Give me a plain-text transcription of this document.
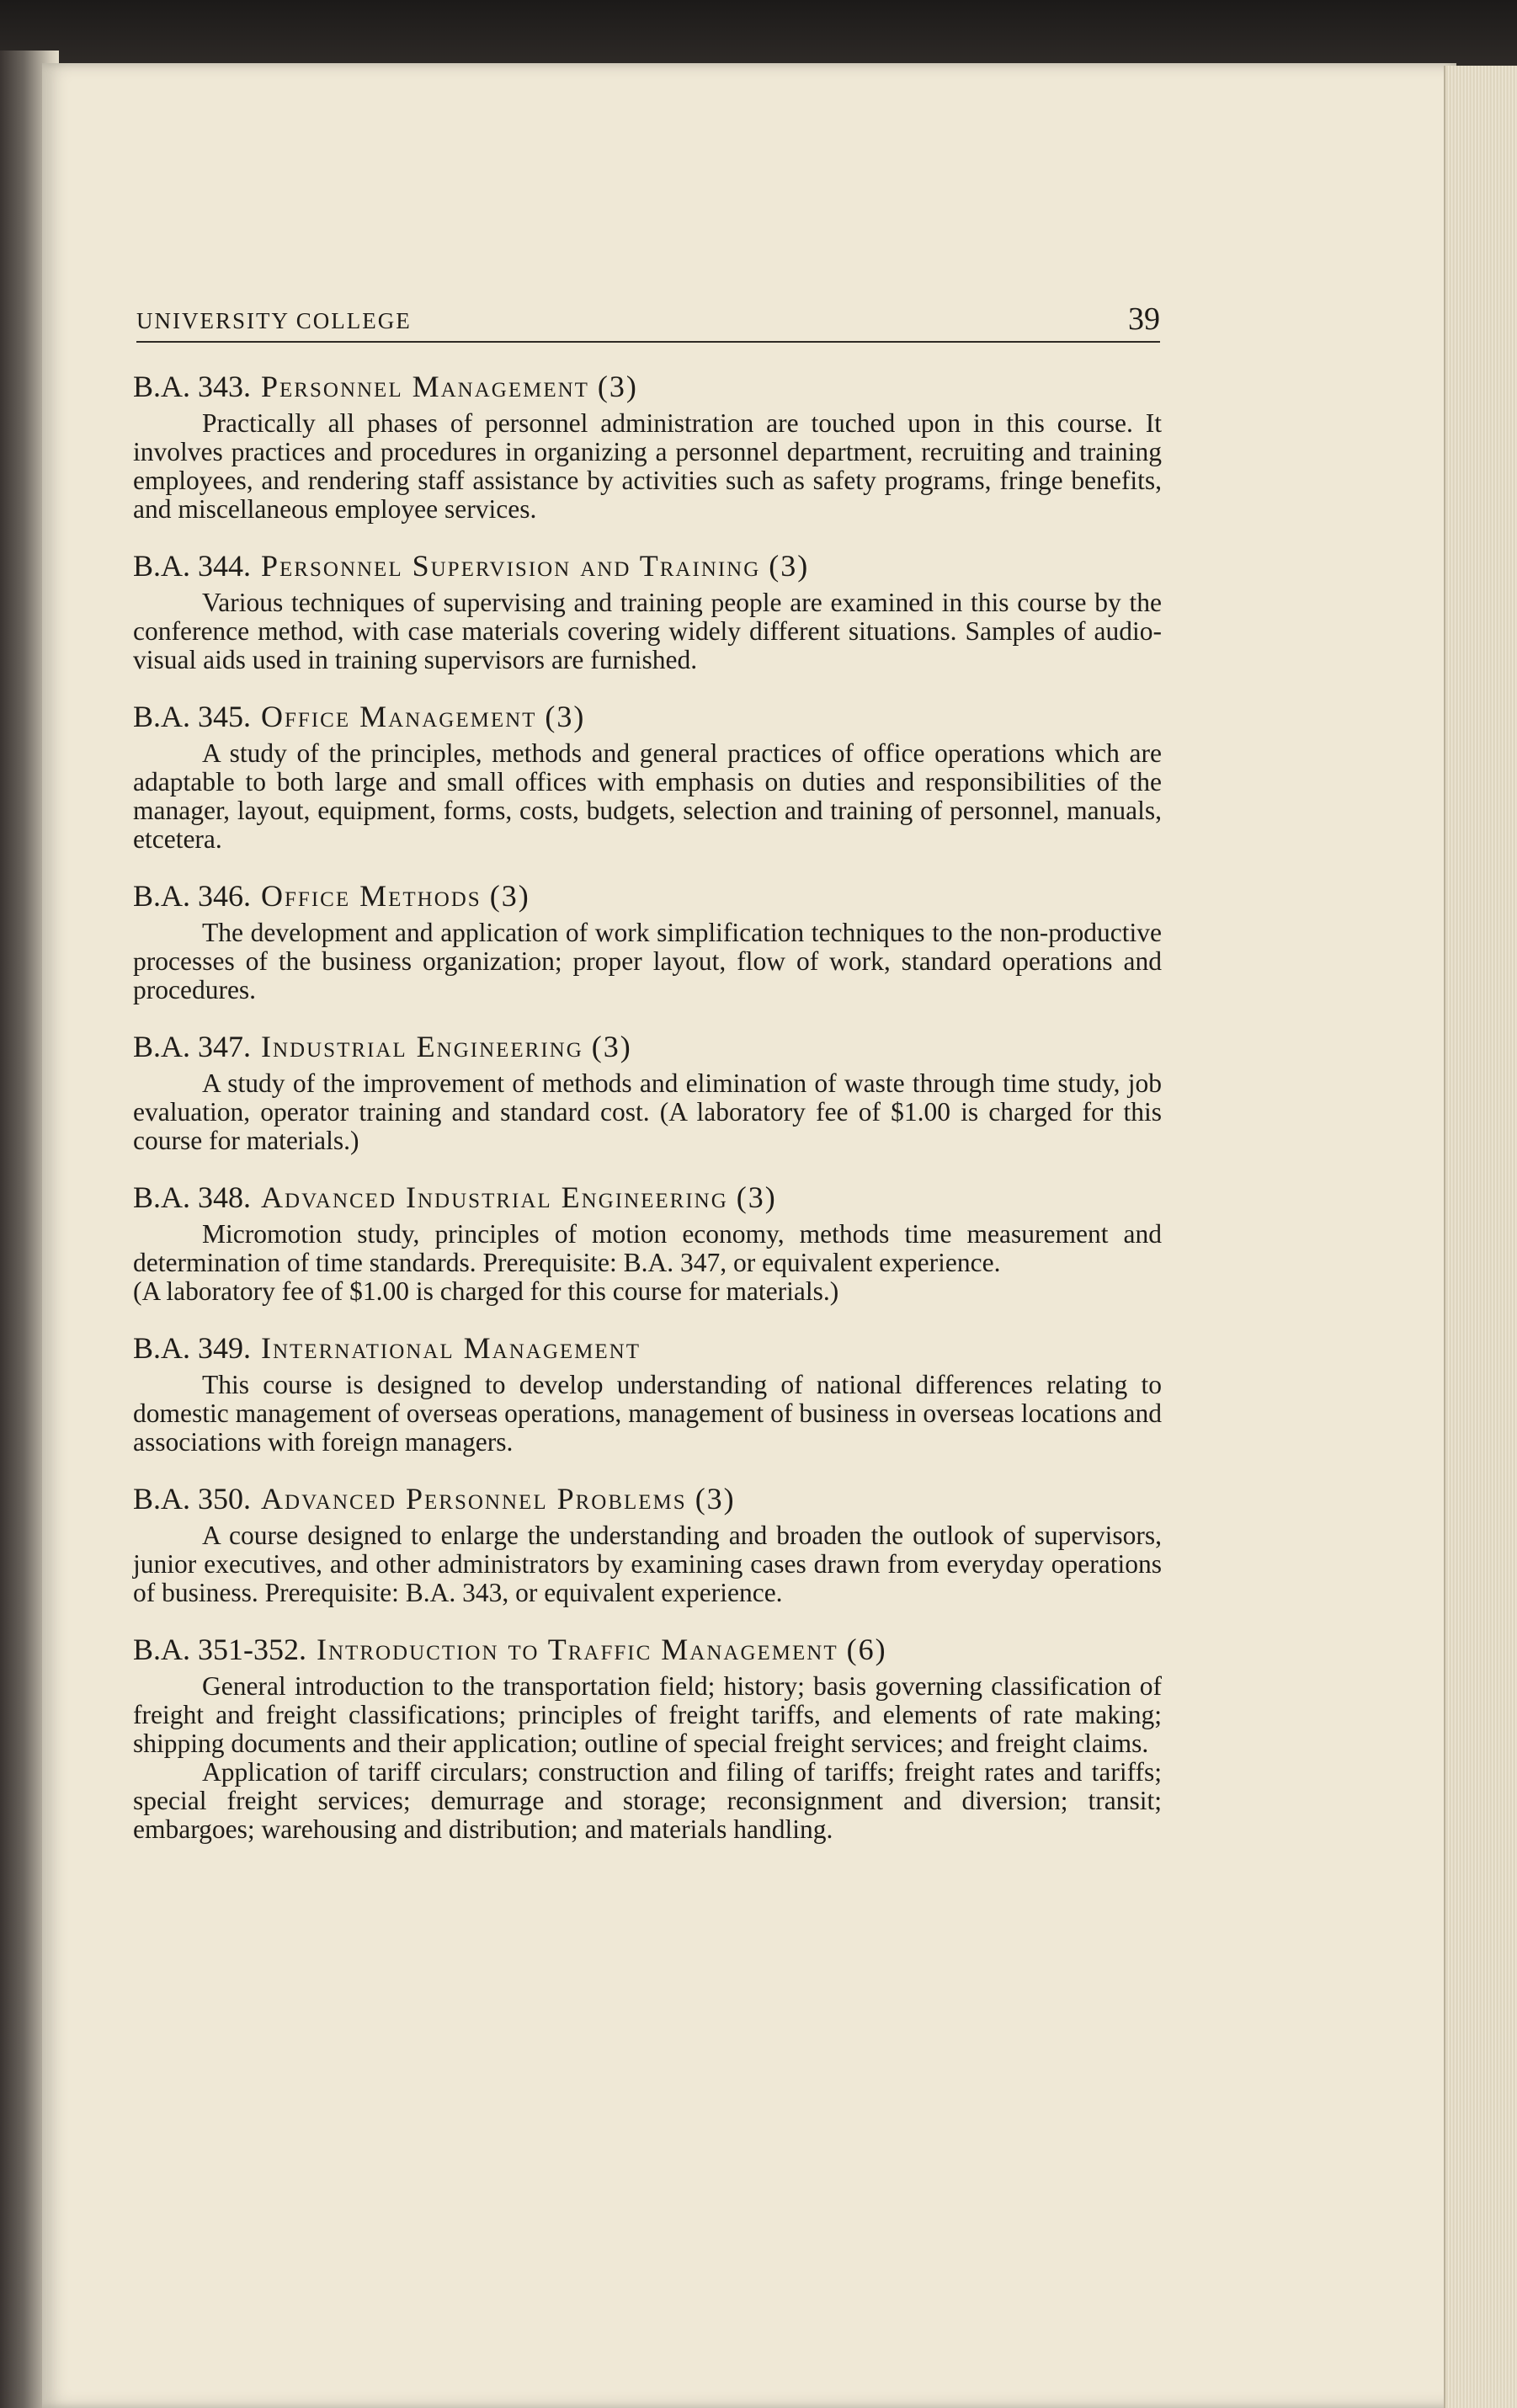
UNIVERSITY COLLEGE	39
B.A. 343. Personnel Management (3)

Practically all phases of personnel administration are touched upon in this course. It involves practices and procedures in organizing a personnel department, recruiting and training employees, and rendering staff assistance by activities such as safety programs, fringe benefits, and miscellaneous employee services.

B.A. 344. Personnel Supervision and Training (3)

Various techniques of supervising and training people are examined in this course by the conference method, with case materials covering widely different situations. Samples of audio-visual aids used in training supervisors are furnished.

B.A. 345. Office Management (3)

A study of the principles, methods and general practices of office operations which are adaptable to both large and small offices with emphasis on duties and responsibilities of the manager, layout, equipment, forms, costs, budgets, selection and training of personnel, manuals, etcetera.

B.A. 346. Office Methods (3)

The development and application of work simplification techniques to the non-productive processes of the business organization; proper layout, flow of work, standard operations and procedures.

B.A. 347. Industrial Engineering (3)

A study of the improvement of methods and elimination of waste through time study, job evaluation, operator training and standard cost. (A laboratory fee of $1.00 is charged for this course for materials.)

B.A. 348. Advanced Industrial Engineering (3)

Micromotion study, principles of motion economy, methods time measurement and determination of time standards. Prerequisite: B.A. 347, or equivalent experience.

(A laboratory fee of $1.00 is charged for this course for materials.)

B.A. 349. International Management

This course is designed to develop understanding of national differences relating to domestic management of overseas operations, management of business in overseas locations and associations with foreign managers.

B.A. 350. Advanced Personnel Problems (3)

A course designed to enlarge the understanding and broaden the outlook of supervisors, junior executives, and other administrators by examining cases drawn from everyday operations of business. Prerequisite: B.A. 343, or equivalent experience.

B.A. 351-352. Introduction to Traffic Management (6)

General introduction to the transportation field; history; basis governing classification of freight and freight classifications; principles of freight tariffs, and elements of rate making; shipping documents and their application; outline of special freight services; and freight claims.

Application of tariff circulars; construction and filing of tariffs; freight rates and tariffs; special freight services; demurrage and storage; reconsignment and diversion; transit; embargoes; warehousing and distribution; and materials handling.
